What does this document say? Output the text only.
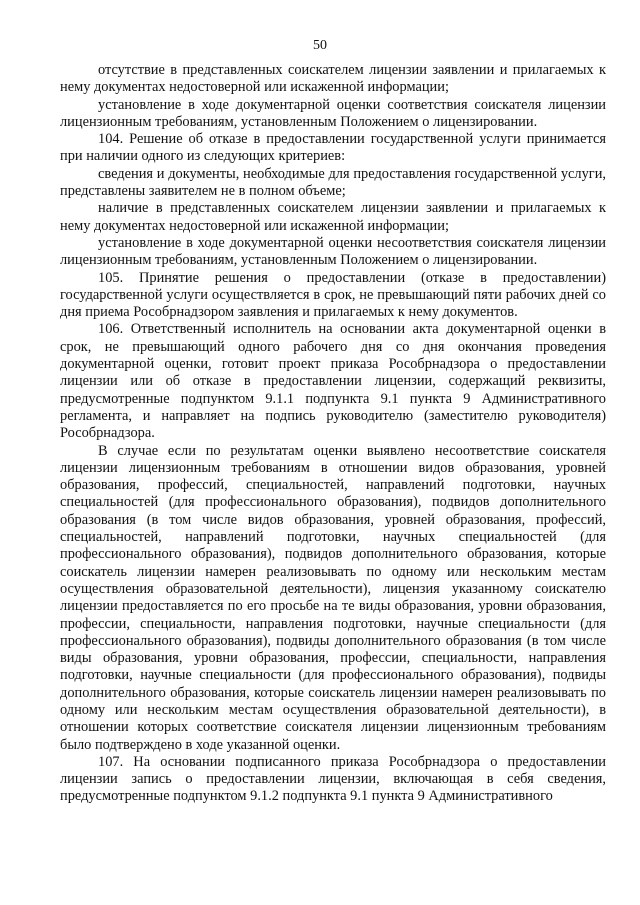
50

отсутствие в представленных соискателем лицензии заявлении и прилагаемых к нему документах недостоверной или искаженной информации;

установление в ходе документарной оценки соответствия соискателя лицензии лицензионным требованиям, установленным Положением о лицензировании.

104. Решение об отказе в предоставлении государственной услуги принимается при наличии одного из следующих критериев:

сведения и документы, необходимые для предоставления государственной услуги, представлены заявителем не в полном объеме;

наличие в представленных соискателем лицензии заявлении и прилагаемых к нему документах недостоверной или искаженной информации;

установление в ходе документарной оценки несоответствия соискателя лицензии лицензионным требованиям, установленным Положением о лицензировании.

105. Принятие решения о предоставлении (отказе в предоставлении) государственной услуги осуществляется в срок, не превышающий пяти рабочих дней со дня приема Рособрнадзором заявления и прилагаемых к нему документов.

106. Ответственный исполнитель на основании акта документарной оценки в срок, не превышающий одного рабочего дня со дня окончания проведения документарной оценки, готовит проект приказа Рособрнадзора о предоставлении лицензии или об отказе в предоставлении лицензии, содержащий реквизиты, предусмотренные подпунктом 9.1.1 подпункта 9.1 пункта 9 Административного регламента, и направляет на подпись руководителю (заместителю руководителя) Рособрнадзора.

В случае если по результатам оценки выявлено несоответствие соискателя лицензии лицензионным требованиям в отношении видов образования, уровней образования, профессий, специальностей, направлений подготовки, научных специальностей (для профессионального образования), подвидов дополнительного образования (в том числе видов образования, уровней образования, профессий, специальностей, направлений подготовки, научных специальностей (для профессионального образования), подвидов дополнительного образования, которые соискатель лицензии намерен реализовывать по одному или нескольким местам осуществления образовательной деятельности), лицензия указанному соискателю лицензии предоставляется по его просьбе на те виды образования, уровни образования, профессии, специальности, направления подготовки, научные специальности (для профессионального образования), подвиды дополнительного образования (в том числе виды образования, уровни образования, профессии, специальности, направления подготовки, научные специальности (для профессионального образования), подвиды дополнительного образования, которые соискатель лицензии намерен реализовывать по одному или нескольким местам осуществления образовательной деятельности), в отношении которых соответствие соискателя лицензии лицензионным требованиям было подтверждено в ходе указанной оценки.

107. На основании подписанного приказа Рособрнадзора о предоставлении лицензии запись о предоставлении лицензии, включающая в себя сведения, предусмотренные подпунктом 9.1.2 подпункта 9.1 пункта 9 Административного
